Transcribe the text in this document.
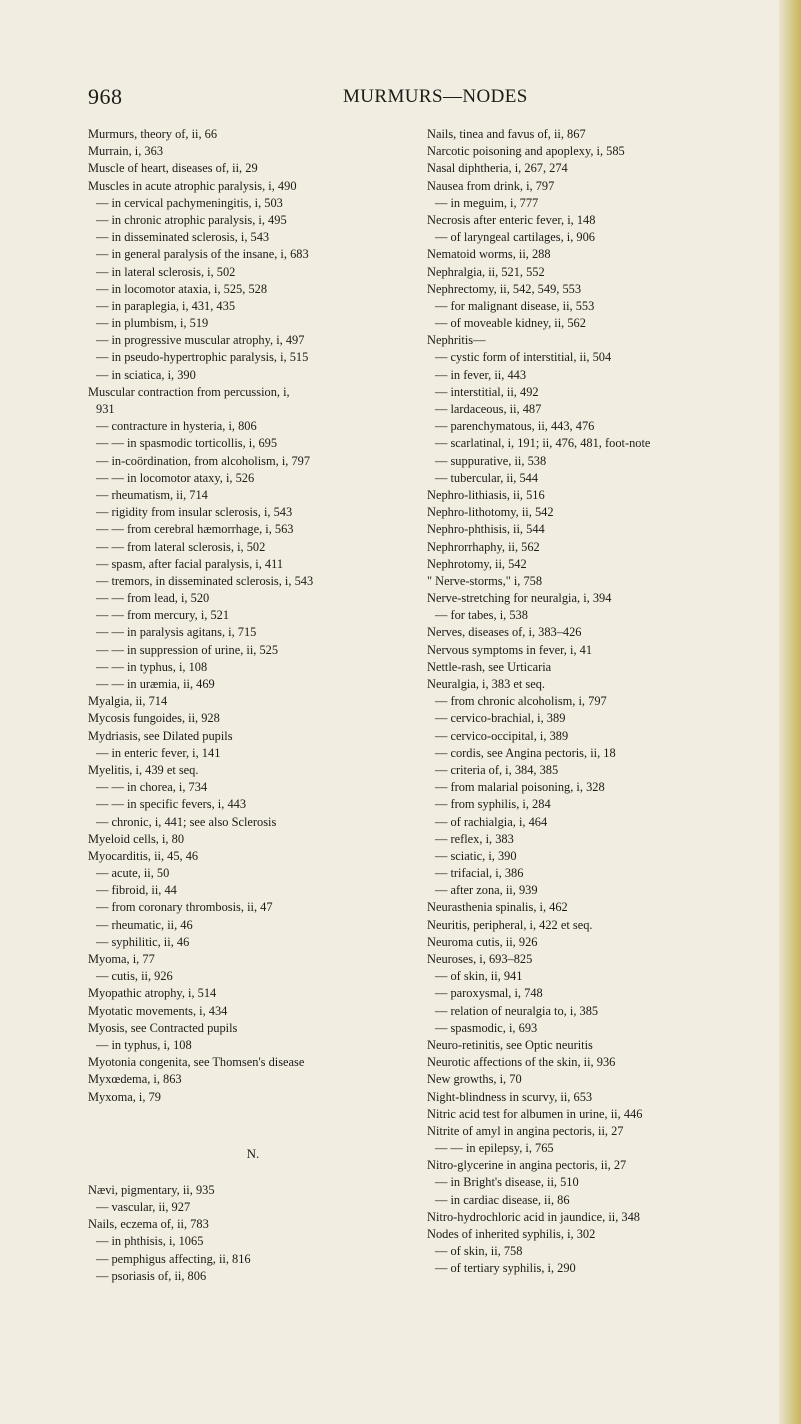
968	MURMURS—NODES
Murmurs, theory of, ii, 66
Murrain, i, 363
Muscle of heart, diseases of, ii, 29
Muscles in acute atrophic paralysis, i, 490
— in cervical pachymeningitis, i, 503
— in chronic atrophic paralysis, i, 495
— in disseminated sclerosis, i, 543
— in general paralysis of the insane, i, 683
— in lateral sclerosis, i, 502
— in locomotor ataxia, i, 525, 528
— in paraplegia, i, 431, 435
— in plumbism, i, 519
— in progressive muscular atrophy, i, 497
— in pseudo-hypertrophic paralysis, i, 515
— in sciatica, i, 390
Muscular contraction from percussion, i,
931
— contracture in hysteria, i, 806
— — in spasmodic torticollis, i, 695
— in-coördination, from alcoholism, i, 797
— — in locomotor ataxy, i, 526
— rheumatism, ii, 714
— rigidity from insular sclerosis, i, 543
— — from cerebral hæmorrhage, i, 563
— — from lateral sclerosis, i, 502
— spasm, after facial paralysis, i, 411
— tremors, in disseminated sclerosis, i, 543
— — from lead, i, 520
— — from mercury, i, 521
— — in paralysis agitans, i, 715
— — in suppression of urine, ii, 525
— — in typhus, i, 108
— — in uræmia, ii, 469
Myalgia, ii, 714
Mycosis fungoides, ii, 928
Mydriasis, see Dilated pupils
— in enteric fever, i, 141
Myelitis, i, 439 et seq.
— — in chorea, i, 734
— — in specific fevers, i, 443
— chronic, i, 441; see also Sclerosis
Myeloid cells, i, 80
Myocarditis, ii, 45, 46
— acute, ii, 50
— fibroid, ii, 44
— from coronary thrombosis, ii, 47
— rheumatic, ii, 46
— syphilitic, ii, 46
Myoma, i, 77
— cutis, ii, 926
Myopathic atrophy, i, 514
Myotatic movements, i, 434
Myosis, see Contracted pupils
— in typhus, i, 108
Myotonia congenita, see Thomsen's disease
Myxœdema, i, 863
Myxoma, i, 79
N.
Nævi, pigmentary, ii, 935
— vascular, ii, 927
Nails, eczema of, ii, 783
— in phthisis, i, 1065
— pemphigus affecting, ii, 816
— psoriasis of, ii, 806
Nails, tinea and favus of, ii, 867
Narcotic poisoning and apoplexy, i, 585
Nasal diphtheria, i, 267, 274
Nausea from drink, i, 797
— in meguim, i, 777
Necrosis after enteric fever, i, 148
— of laryngeal cartilages, i, 906
Nematoid worms, ii, 288
Nephralgia, ii, 521, 552
Nephrectomy, ii, 542, 549, 553
— for malignant disease, ii, 553
— of moveable kidney, ii, 562
Nephritis—
— cystic form of interstitial, ii, 504
— in fever, ii, 443
— interstitial, ii, 492
— lardaceous, ii, 487
— parenchymatous, ii, 443, 476
— scarlatinal, i, 191; ii, 476, 481, foot-note
— suppurative, ii, 538
— tubercular, ii, 544
Nephro-lithiasis, ii, 516
Nephro-lithotomy, ii, 542
Nephro-phthisis, ii, 544
Nephrorrhaphy, ii, 562
Nephrotomy, ii, 542
" Nerve-storms," i, 758
Nerve-stretching for neuralgia, i, 394
— for tabes, i, 538
Nerves, diseases of, i, 383–426
Nervous symptoms in fever, i, 41
Nettle-rash, see Urticaria
Neuralgia, i, 383 et seq.
— from chronic alcoholism, i, 797
— cervico-brachial, i, 389
— cervico-occipital, i, 389
— cordis, see Angina pectoris, ii, 18
— criteria of, i, 384, 385
— from malarial poisoning, i, 328
— from syphilis, i, 284
— of rachialgia, i, 464
— reflex, i, 383
— sciatic, i, 390
— trifacial, i, 386
— after zona, ii, 939
Neurasthenia spinalis, i, 462
Neuritis, peripheral, i, 422 et seq.
Neuroma cutis, ii, 926
Neuroses, i, 693–825
— of skin, ii, 941
— paroxysmal, i, 748
— relation of neuralgia to, i, 385
— spasmodic, i, 693
Neuro-retinitis, see Optic neuritis
Neurotic affections of the skin, ii, 936
New growths, i, 70
Night-blindness in scurvy, ii, 653
Nitric acid test for albumen in urine, ii, 446
Nitrite of amyl in angina pectoris, ii, 27
— — in epilepsy, i, 765
Nitro-glycerine in angina pectoris, ii, 27
— in Bright's disease, ii, 510
— in cardiac disease, ii, 86
Nitro-hydrochloric acid in jaundice, ii, 348
Nodes of inherited syphilis, i, 302
— of skin, ii, 758
— of tertiary syphilis, i, 290
